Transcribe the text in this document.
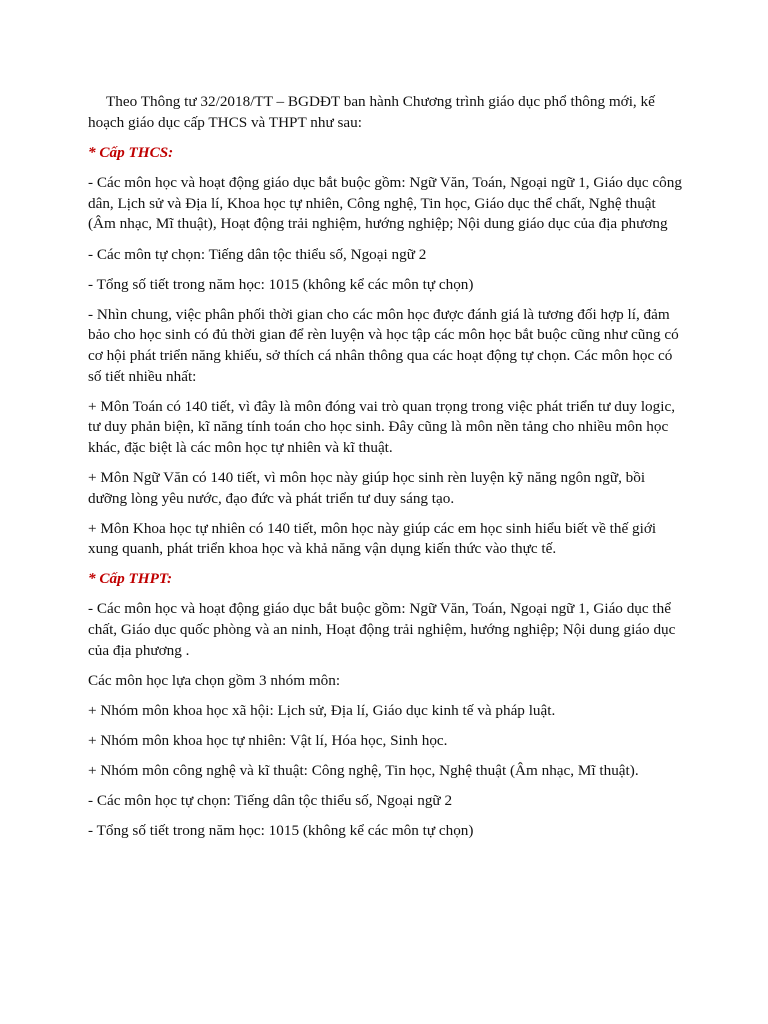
Theo Thông tư 32/2018/TT – BGDĐT ban hành Chương trình giáo dục phổ thông mới, kế hoạch giáo dục cấp THCS và THPT như sau:

* Cấp THCS:

- Các môn học và hoạt động giáo dục bắt buộc gồm: Ngữ Văn, Toán, Ngoại ngữ 1, Giáo dục công dân, Lịch sử và Địa lí, Khoa học tự nhiên, Công nghệ, Tin học, Giáo dục thể chất, Nghệ thuật (Âm nhạc, Mĩ thuật), Hoạt động trải nghiệm, hướng nghiệp; Nội dung giáo dục của địa phương

- Các môn tự chọn: Tiếng dân tộc thiểu số, Ngoại ngữ 2

- Tổng số tiết trong năm học: 1015 (không kể các môn tự chọn)

- Nhìn chung, việc phân phối thời gian cho các môn học được đánh giá là tương đối hợp lí, đảm bảo cho học sinh có đủ thời gian để rèn luyện và học tập các môn học bắt buộc cũng như cũng có cơ hội phát triển năng khiếu, sở thích cá nhân thông qua các hoạt động tự chọn. Các môn học có số tiết nhiều nhất:

+ Môn Toán có 140 tiết, vì đây là môn đóng vai trò quan trọng trong việc phát triển tư duy logic, tư duy phản biện, kĩ năng tính toán cho học sinh. Đây cũng là môn nền tảng cho nhiều môn học khác, đặc biệt là các môn học tự nhiên và kĩ thuật.

+ Môn Ngữ Văn có 140 tiết, vì môn học này giúp học sinh rèn luyện kỹ năng ngôn ngữ, bồi dưỡng lòng yêu nước, đạo đức và phát triển tư duy sáng tạo.

+ Môn Khoa học tự nhiên có 140 tiết, môn học này giúp các em học sinh hiểu biết về thế giới xung quanh, phát triển khoa học và khả năng vận dụng kiến thức vào thực tế.

* Cấp THPT:

- Các môn học và hoạt động giáo dục bắt buộc gồm: Ngữ Văn, Toán, Ngoại ngữ 1, Giáo dục thể chất, Giáo dục quốc phòng và an ninh, Hoạt động trải nghiệm, hướng nghiệp; Nội dung giáo dục của địa phương .

Các môn học lựa chọn gồm 3 nhóm môn:

+ Nhóm môn khoa học xã hội: Lịch sử, Địa lí, Giáo dục kinh tế và pháp luật.

+ Nhóm môn khoa học tự nhiên: Vật lí, Hóa học, Sinh học.

+ Nhóm môn công nghệ và kĩ thuật: Công nghệ, Tin học, Nghệ thuật (Âm nhạc, Mĩ thuật).

- Các môn học tự chọn: Tiếng dân tộc thiểu số, Ngoại ngữ 2

- Tổng số tiết trong năm học: 1015 (không kể các môn tự chọn)
